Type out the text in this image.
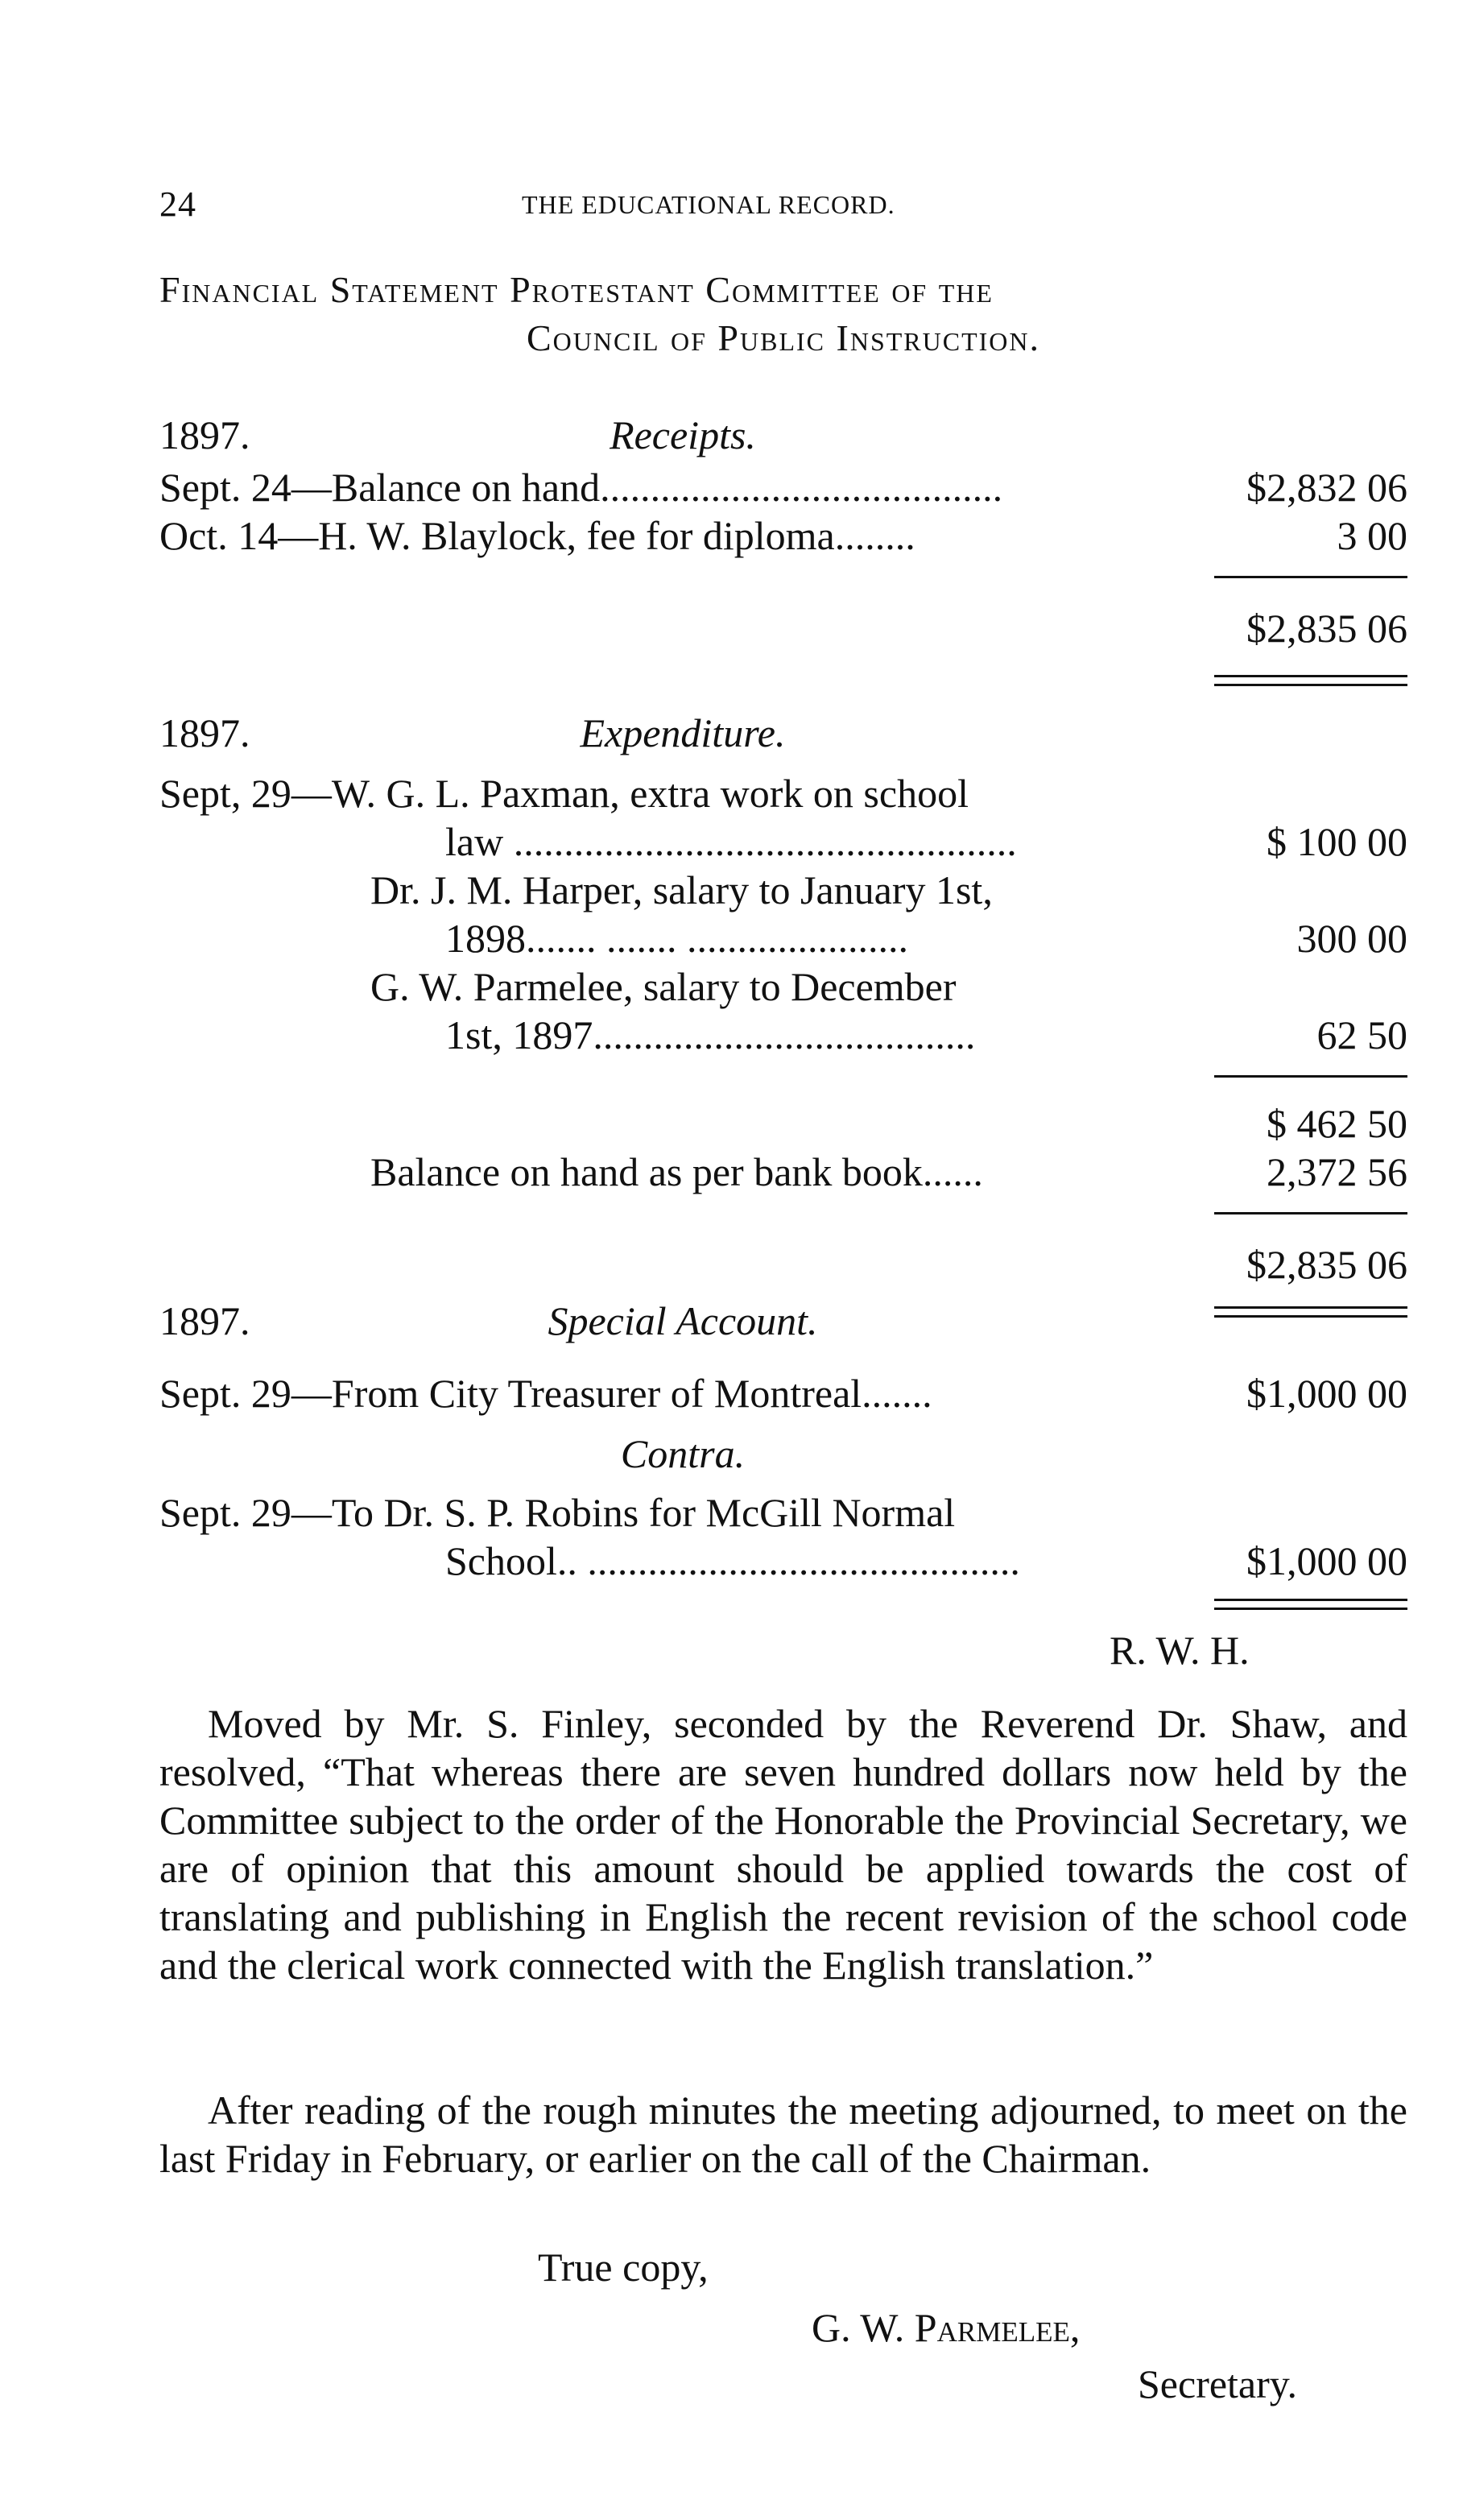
24	THE EDUCATIONAL RECORD.
Financial Statement Protestant Committee of the
Council of Public Instruction.
1897.	Receipts.
Sept. 24—Balance on hand........................................	$2,832 06
Oct. 14—H. W. Blaylock, fee for diploma........	3 00
$2,835 06
1897.	Expenditure.
Sept, 29—W. G. L. Paxman, extra work on school
law ..................................................	$ 100 00
Dr. J. M. Harper, salary to January 1st,
1898....... ....... ......................	300 00
G. W. Parmelee, salary to December
1st, 1897......................................	62 50
$ 462 50
Balance on hand as per bank book......	2,372 56
$2,835 06
1897.	Special Account.
Sept. 29—From City Treasurer of Montreal.......	$1,000 00
Contra.
Sept. 29—To Dr. S. P. Robins for McGill Normal
School.. ...........................................	$1,000 00
R. W. H.
Moved by Mr. S. Finley, seconded by the Reverend Dr. Shaw, and resolved, “That whereas there are seven hundred dollars now held by the Committee subject to the order of the Honorable the Provincial Secretary, we are of opinion that this amount should be applied towards the cost of translating and publishing in English the recent revision of the school code and the clerical work connected with the English translation.”
After reading of the rough minutes the meeting adjourned, to meet on the last Friday in February, or earlier on the call of the Chairman.
True copy,
G. W. Parmelee,
Secretary.
